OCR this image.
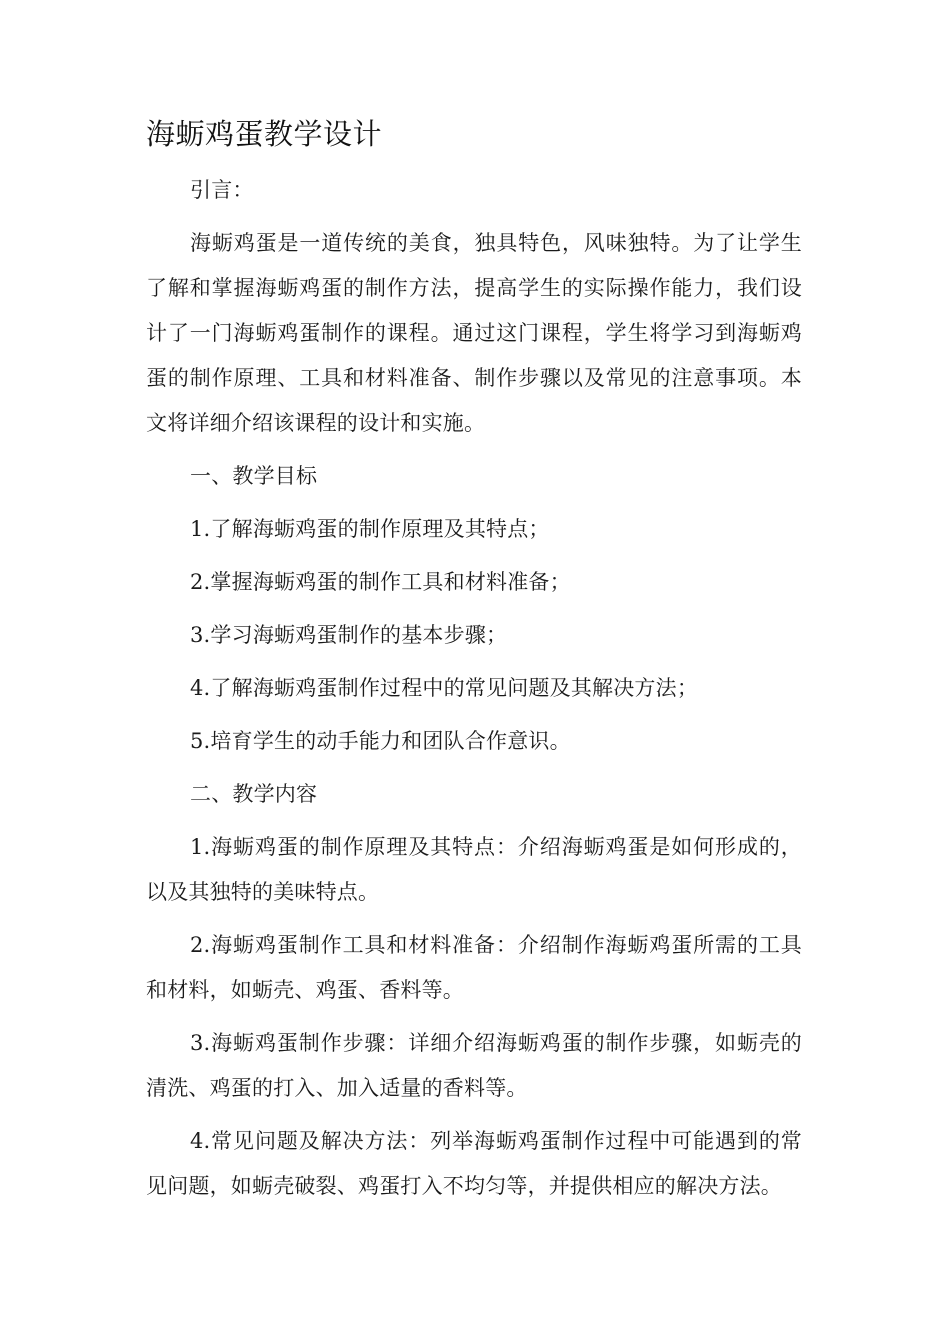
海蛎鸡蛋教学设计

引言：

海蛎鸡蛋是一道传统的美食，独具特色，风味独特。为了让学生了解和掌握海蛎鸡蛋的制作方法，提高学生的实际操作能力，我们设计了一门海蛎鸡蛋制作的课程。通过这门课程，学生将学习到海蛎鸡蛋的制作原理、工具和材料准备、制作步骤以及常见的注意事项。本文将详细介绍该课程的设计和实施。

一、教学目标

1.了解海蛎鸡蛋的制作原理及其特点；

2.掌握海蛎鸡蛋的制作工具和材料准备；

3.学习海蛎鸡蛋制作的基本步骤；

4.了解海蛎鸡蛋制作过程中的常见问题及其解决方法；

5.培育学生的动手能力和团队合作意识。

二、教学内容

1.海蛎鸡蛋的制作原理及其特点：介绍海蛎鸡蛋是如何形成的，以及其独特的美味特点。

2.海蛎鸡蛋制作工具和材料准备：介绍制作海蛎鸡蛋所需的工具和材料，如蛎壳、鸡蛋、香料等。

3.海蛎鸡蛋制作步骤：详细介绍海蛎鸡蛋的制作步骤，如蛎壳的清洗、鸡蛋的打入、加入适量的香料等。

4.常见问题及解决方法：列举海蛎鸡蛋制作过程中可能遇到的常见问题，如蛎壳破裂、鸡蛋打入不均匀等，并提供相应的解决方法。
